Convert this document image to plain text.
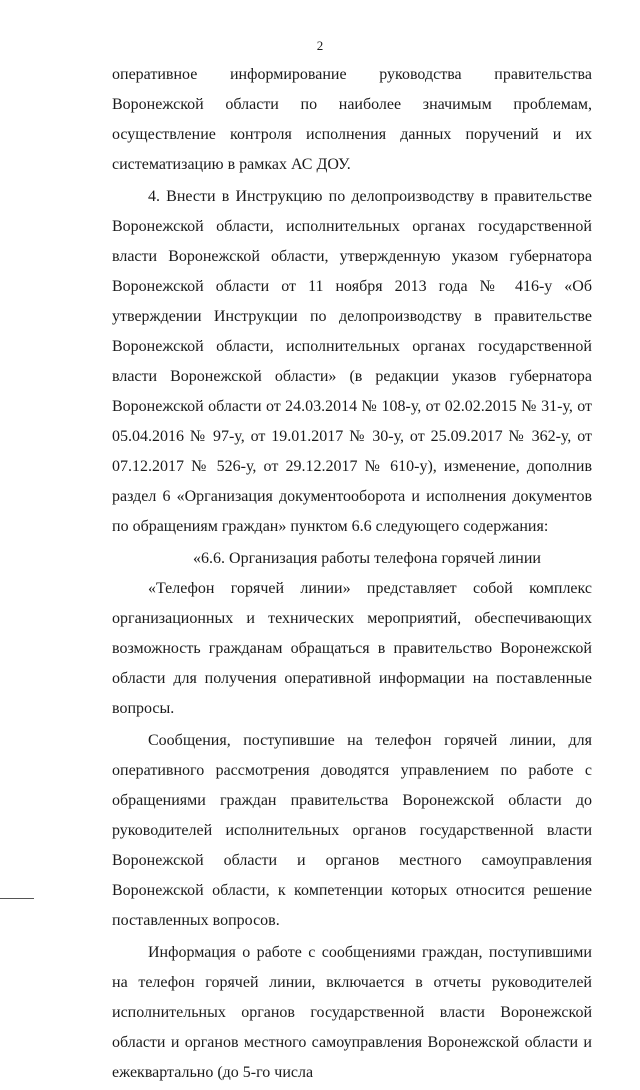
2

оперативное информирование руководства правительства Воронежской области по наиболее значимым проблемам, осуществление контроля исполнения данных поручений и их систематизацию в рамках АС ДОУ.

4. Внести в Инструкцию по делопроизводству в правительстве Воронежской области, исполнительных органах государственной власти Воронежской области, утвержденную указом губернатора Воронежской области от 11 ноября 2013 года № 416-у «Об утверждении Инструкции по делопроизводству в правительстве Воронежской области, исполнительных органах государственной власти Воронежской области» (в редакции указов губернатора Воронежской области от 24.03.2014 № 108-у, от 02.02.2015 № 31-у, от 05.04.2016 № 97-у, от 19.01.2017 № 30-у, от 25.09.2017 № 362-у, от 07.12.2017 № 526-у, от 29.12.2017 № 610-у), изменение, дополнив раздел 6 «Организация документооборота и исполнения документов по обращениям граждан» пунктом 6.6 следующего содержания:

«6.6. Организация работы телефона горячей линии

«Телефон горячей линии» представляет собой комплекс организационных и технических мероприятий, обеспечивающих возможность гражданам обращаться в правительство Воронежской области для получения оперативной информации на поставленные вопросы.

Сообщения, поступившие на телефон горячей линии, для оперативного рассмотрения доводятся управлением по работе с обращениями граждан правительства Воронежской области до руководителей исполнительных органов государственной власти Воронежской области и органов местного самоуправления Воронежской области, к компетенции которых относится решение поставленных вопросов.

Информация о работе с сообщениями граждан, поступившими на телефон горячей линии, включается в отчеты руководителей исполнительных органов государственной власти Воронежской области и органов местного самоуправления Воронежской области и ежеквартально (до 5-го числа
